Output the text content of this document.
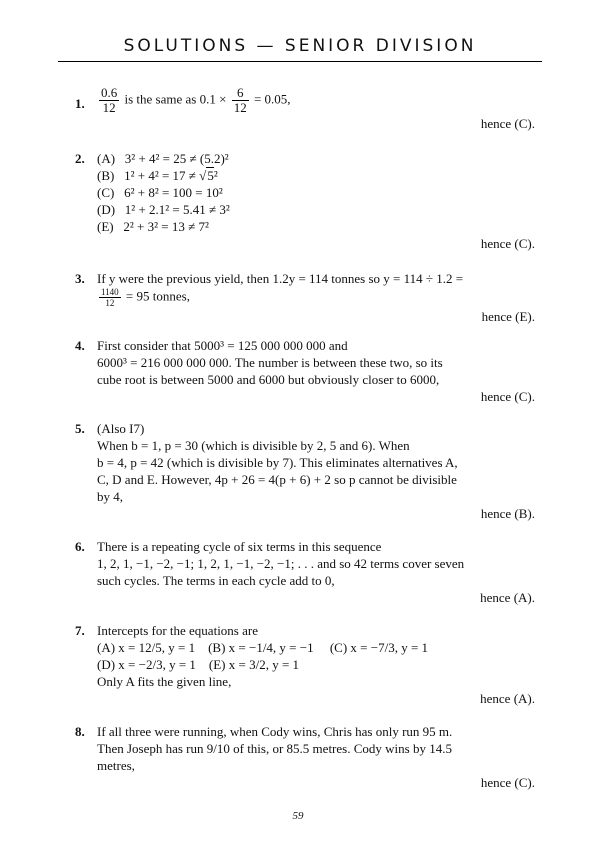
SOLUTIONS — SENIOR DIVISION
1.	$\frac{0.6}{12}$ is the same as $0.1 \times \frac{6}{12} = 0.05$,
hence (C).
2. (A) 3² + 4² = 25 ≠ (5.2)²
(B) 1² + 4² = 17 ≠ √5²
(C) 6² + 8² = 100 = 10²
(D) 1² + 2.1² = 5.41 ≠ 3²
(E) 2² + 3² = 13 ≠ 7²
hence (C).
3. If y were the previous yield, then 1.2y = 114 tonnes so y = 114 ÷ 1.2 =
$\frac{1140}{12} = 95$ tonnes,
hence (E).
4. First consider that 5000³ = 125 000 000 000 and
6000³ = 216 000 000 000. The number is between these two, so its
cube root is between 5000 and 6000 but obviously closer to 6000,
hence (C).
5. (Also I7)
When b = 1, p = 30 (which is divisible by 2, 5 and 6). When
b = 4, p = 42 (which is divisible by 7). This eliminates alternatives A,
C, D and E. However, 4p + 26 = 4(p + 6) + 2 so p cannot be divisible
by 4,
hence (B).
6. There is a repeating cycle of six terms in this sequence
1, 2, 1, −1, −2, −1; 1, 2, 1, −1, −2, −1; . . . and so 42 terms cover seven
such cycles. The terms in each cycle add to 0,
hence (A).
7. Intercepts for the equations are
(A) x = 12/5, y = 1    (B) x = −1/4, y = −1     (C) x = −7/3, y = 1
(D) x = −2/3, y = 1    (E) x = 3/2, y = 1
Only A fits the given line,
hence (A).
8. If all three were running, when Cody wins, Chris has only run 95 m.
Then Joseph has run 9/10 of this, or 85.5 metres. Cody wins by 14.5
metres,
hence (C).
59
